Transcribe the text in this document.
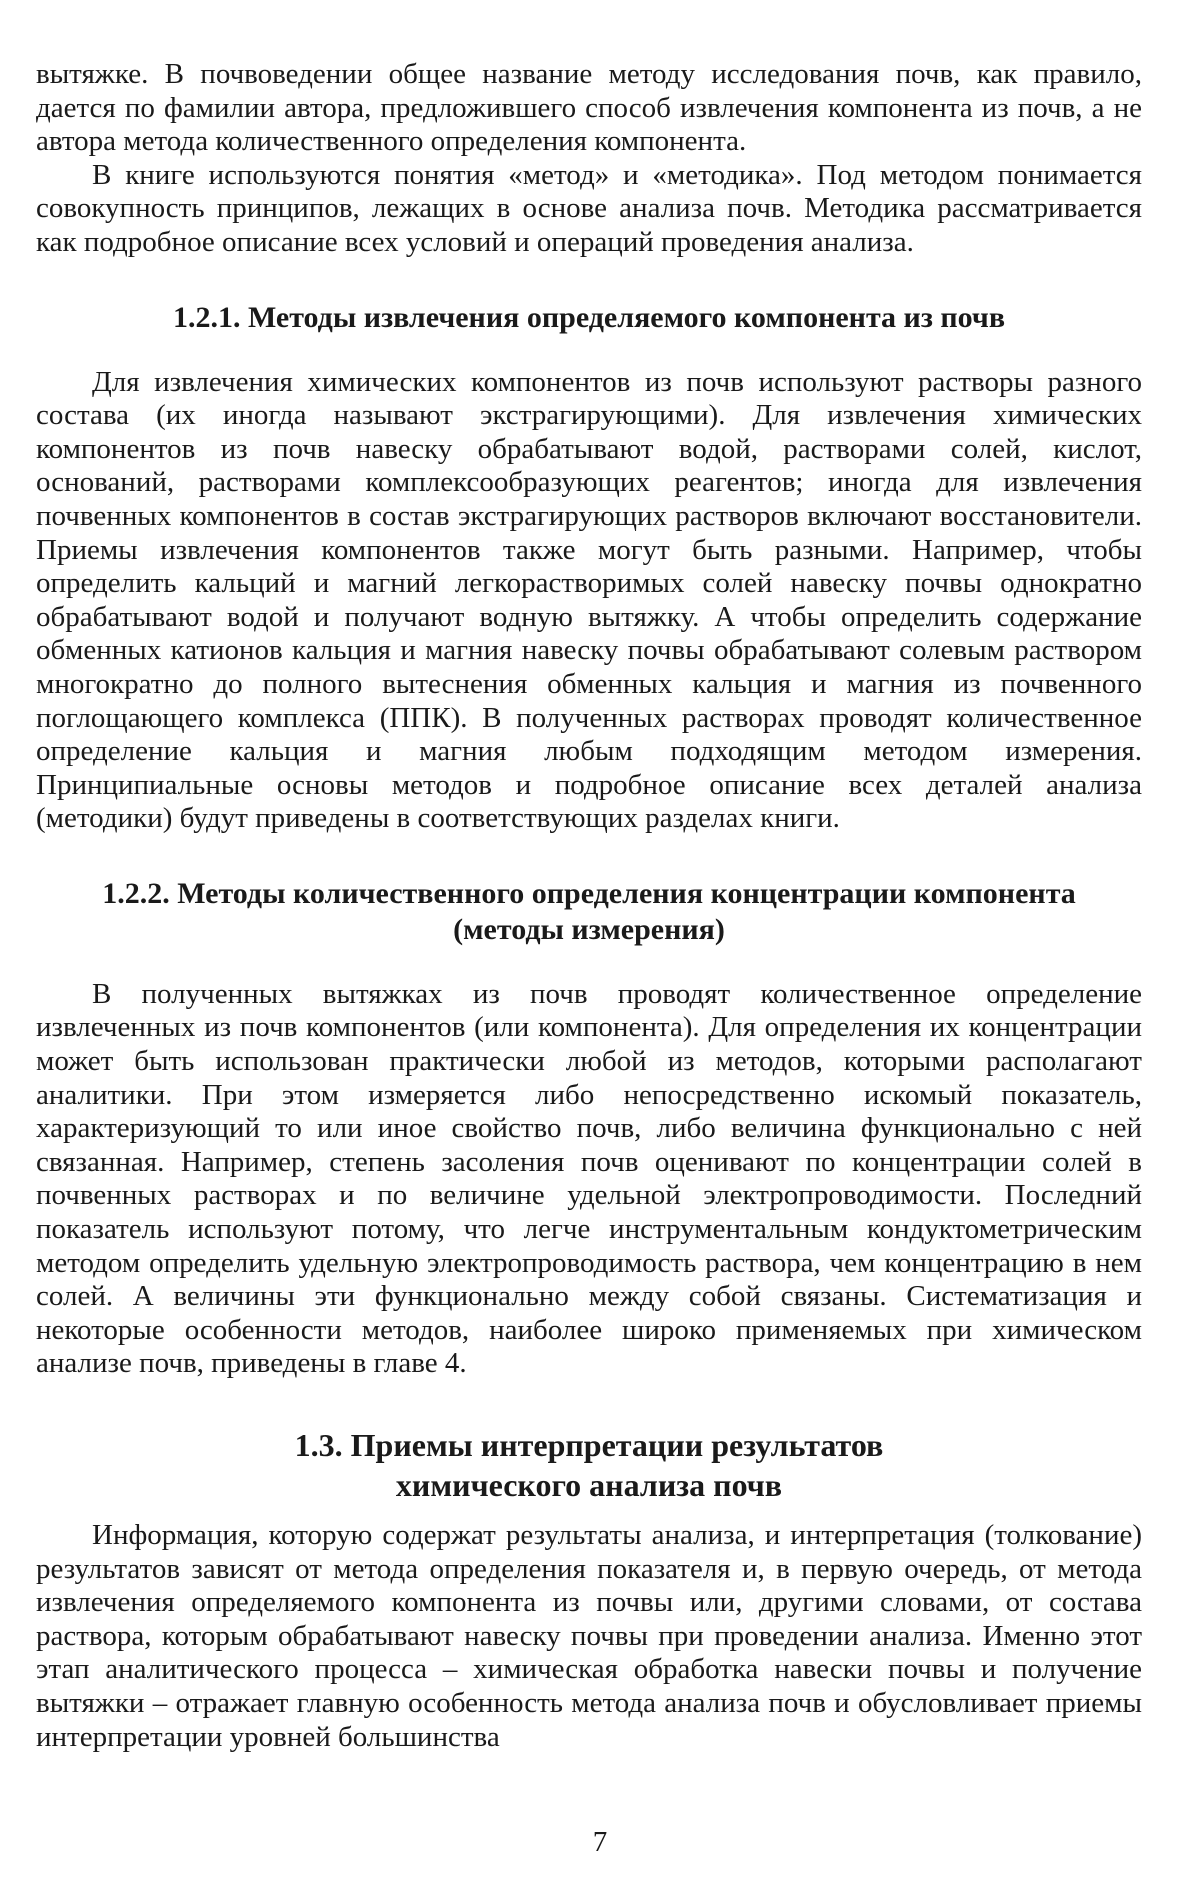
вытяжке. В почвоведении общее название методу исследования почв, как правило, дается по фамилии автора, предложившего способ извлечения компонента из почв, а не автора метода количественного определения компонента.

В книге используются понятия «метод» и «методика». Под методом понимается совокупность принципов, лежащих в основе анализа почв. Методика рассматривается как подробное описание всех условий и операций проведения анализа.

1.2.1. Методы извлечения определяемого компонента из почв

Для извлечения химических компонентов из почв используют растворы разного состава (их иногда называют экстрагирующими). Для извлечения химических компонентов из почв навеску обрабатывают водой, растворами солей, кислот, оснований, растворами комплексообразующих реагентов; иногда для извлечения почвенных компонентов в состав экстрагирующих растворов включают восстановители. Приемы извлечения компонентов также могут быть разными. Например, чтобы определить кальций и магний легкорастворимых солей навеску почвы однократно обрабатывают водой и получают водную вытяжку. А чтобы определить содержание обменных катионов кальция и магния навеску почвы обрабатывают солевым раствором многократно до полного вытеснения обменных кальция и магния из почвенного поглощающего комплекса (ППК). В полученных растворах проводят количественное определение кальция и магния любым подходящим методом измерения. Принципиальные основы методов и подробное описание всех деталей анализа (методики) будут приведены в соответствующих разделах книги.

1.2.2. Методы количественного определения концентрации компонента
(методы измерения)

В полученных вытяжках из почв проводят количественное определение извлеченных из почв компонентов (или компонента). Для определения их концентрации может быть использован практически любой из методов, которыми располагают аналитики. При этом измеряется либо непосредственно искомый показатель, характеризующий то или иное свойство почв, либо величина функционально с ней связанная. Например, степень засоления почв оценивают по концентрации солей в почвенных растворах и по величине удельной электропроводимости. Последний показатель используют потому, что легче инструментальным кондуктометрическим методом определить удельную электропроводимость раствора, чем концентрацию в нем солей. А величины эти функционально между собой связаны. Систематизация и некоторые особенности методов, наиболее широко применяемых при химическом анализе почв, приведены в главе 4.

1.3. Приемы интерпретации результатов
химического анализа почв

Информация, которую содержат результаты анализа, и интерпретация (толкование) результатов зависят от метода определения показателя и, в первую очередь, от метода извлечения определяемого компонента из почвы или, другими словами, от состава раствора, которым обрабатывают навеску почвы при проведении анализа. Именно этот этап аналитического процесса – химическая обработка навески почвы и получение вытяжки – отражает главную особенность метода анализа почв и обусловливает приемы интерпретации уровней большинства

7
